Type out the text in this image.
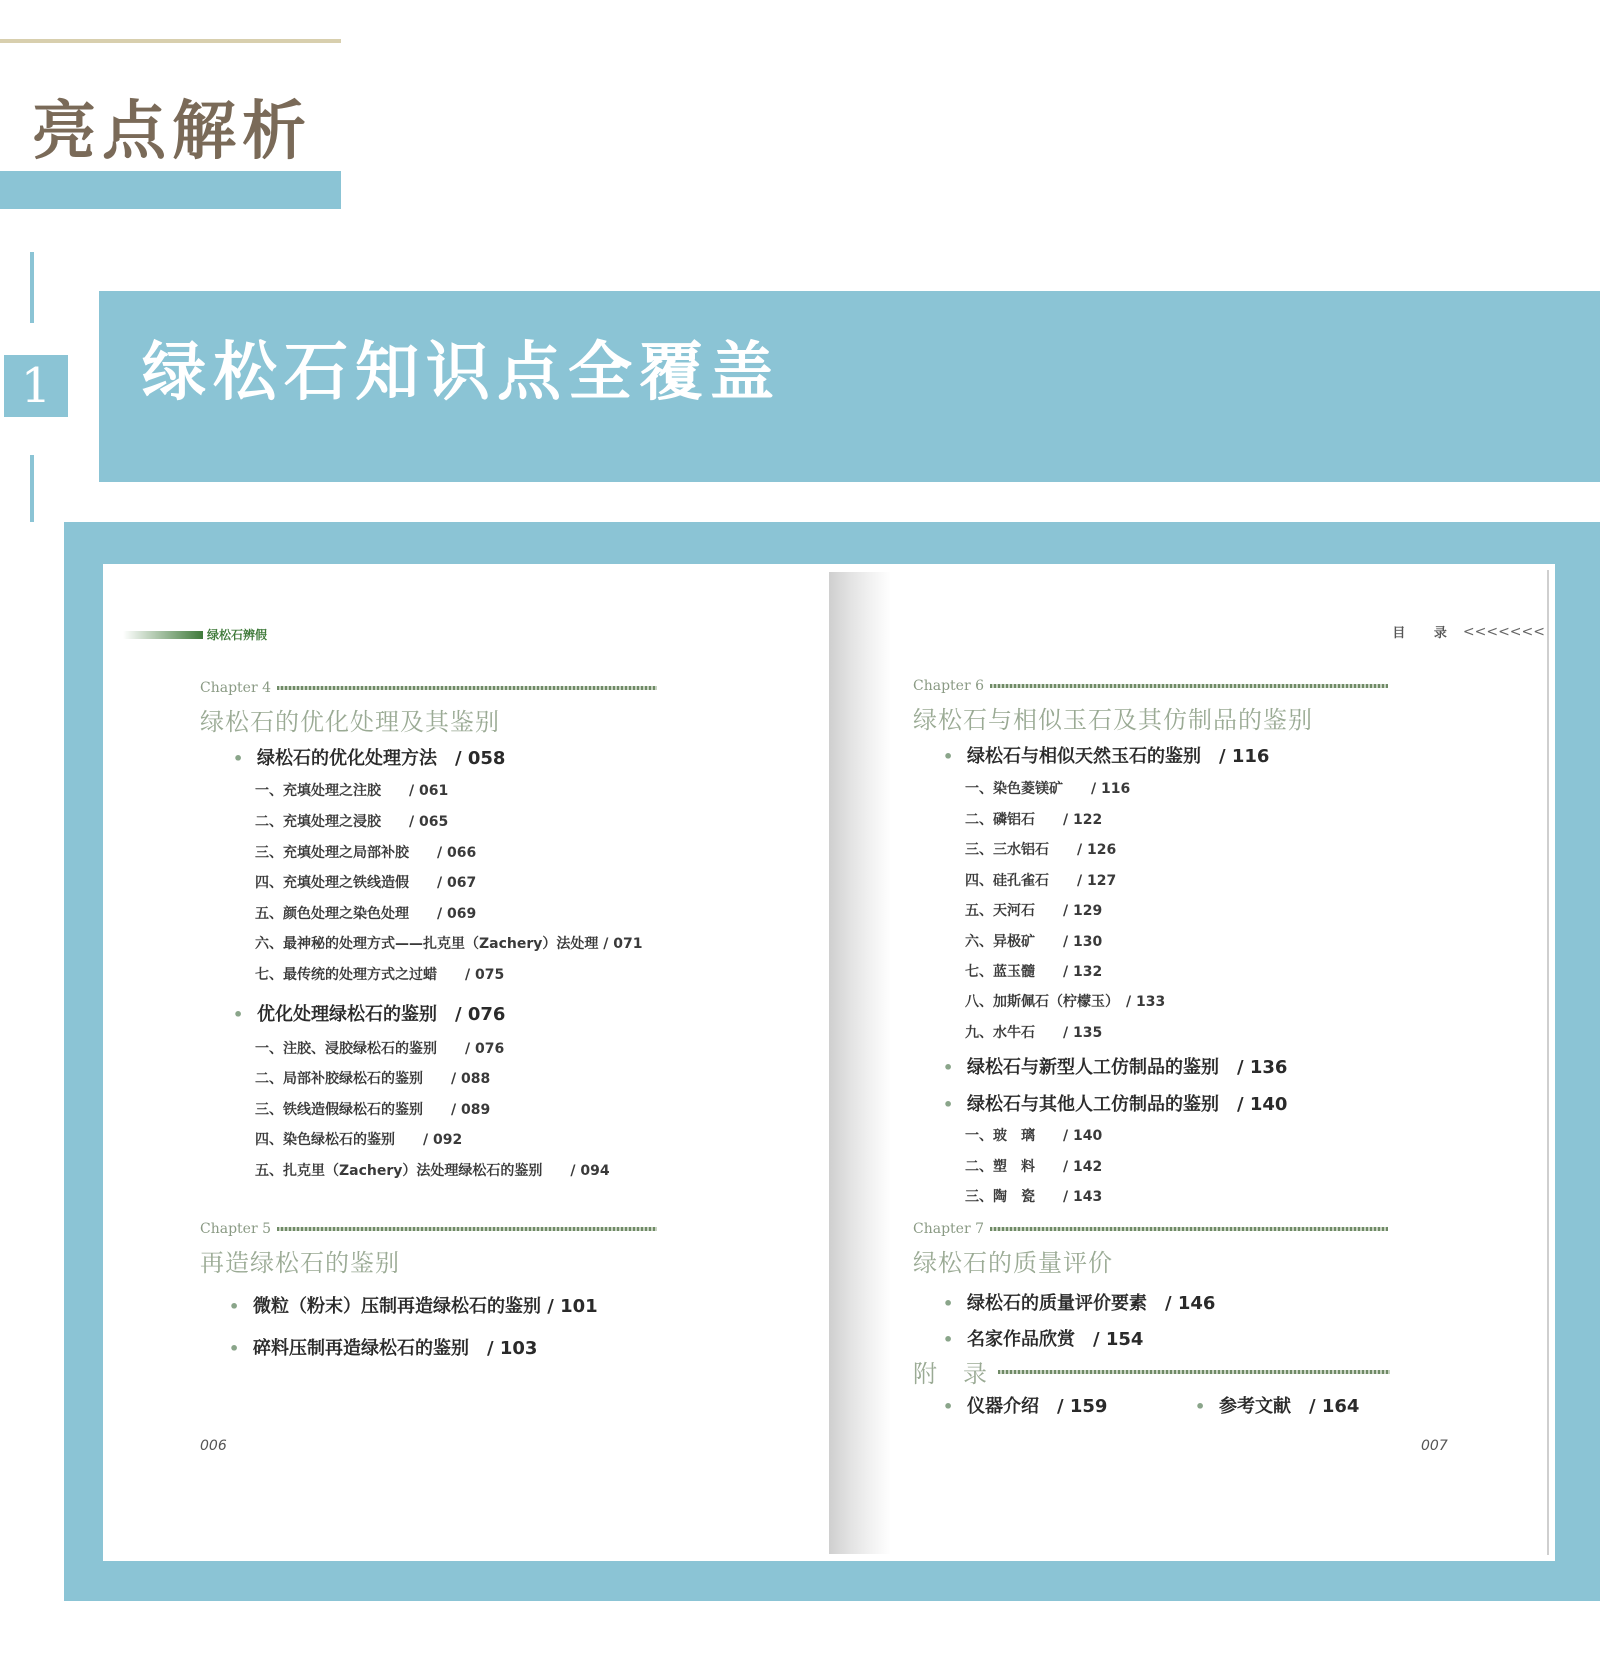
亮点解析
1 绿松石知识点全覆盖
绿松石辨假
Chapter 4
绿松石的优化处理及其鉴别
• 绿松石的优化处理方法　/ 058
一、充填处理之注胶　　/ 061
二、充填处理之浸胶　　/ 065
三、充填处理之局部补胶　　/ 066
四、充填处理之铁线造假　　/ 067
五、颜色处理之染色处理　　/ 069
六、最神秘的处理方式——扎克里（Zachery）法处理 / 071
七、最传统的处理方式之过蜡　　/ 075
• 优化处理绿松石的鉴别　/ 076
一、注胶、浸胶绿松石的鉴别　　/ 076
二、局部补胶绿松石的鉴别　　/ 088
三、铁线造假绿松石的鉴别　　/ 089
四、染色绿松石的鉴别　　/ 092
五、扎克里（Zachery）法处理绿松石的鉴别　　/ 094
Chapter 5
再造绿松石的鉴别
• 微粒（粉末）压制再造绿松石的鉴别 / 101
• 碎料压制再造绿松石的鉴别　/ 103
006
目 录 <<<<<<<
Chapter 6
绿松石与相似玉石及其仿制品的鉴别
• 绿松石与相似天然玉石的鉴别　/ 116
一、染色菱镁矿　　/ 116
二、磷铝石　　/ 122
三、三水铝石　　/ 126
四、硅孔雀石　　/ 127
五、天河石　　/ 129
六、异极矿　　/ 130
七、蓝玉髓　　/ 132
八、加斯佩石（柠檬玉）　/ 133
九、水牛石　　/ 135
• 绿松石与新型人工仿制品的鉴别　/ 136
• 绿松石与其他人工仿制品的鉴别　/ 140
一、玻　璃　　/ 140
二、塑　料　　/ 142
三、陶　瓷　　/ 143
Chapter 7
绿松石的质量评价
• 绿松石的质量评价要素　/ 146
• 名家作品欣赏　/ 154
附　录
• 仪器介绍　/ 159
•	参考文献　/ 164
007
